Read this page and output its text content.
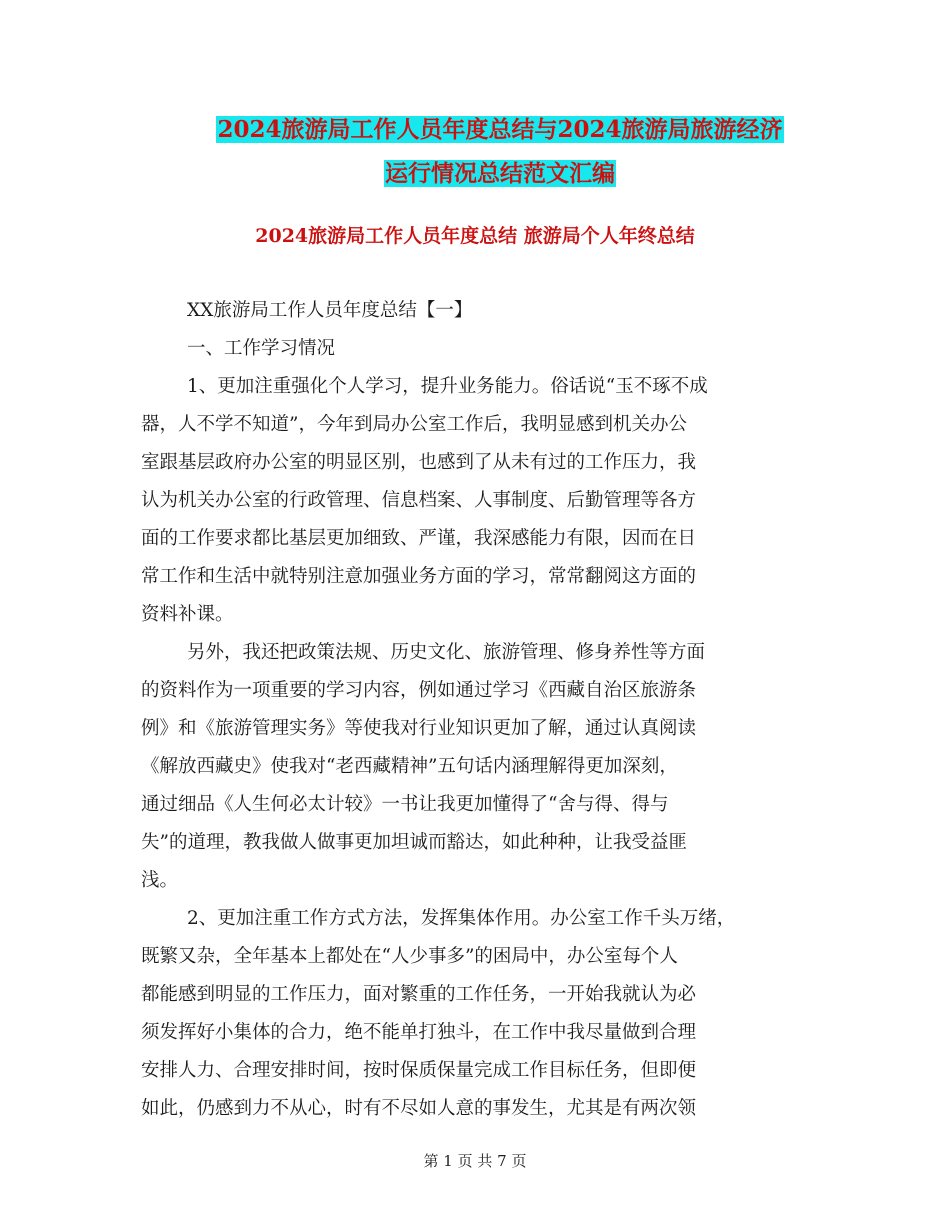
2024旅游局工作人员年度总结与2024旅游局旅游经济
运行情况总结范文汇编
2024旅游局工作人员年度总结 旅游局个人年终总结
XX旅游局工作人员年度总结【一】
一、工作学习情况
1、更加注重强化个人学习，提升业务能力。俗话说“玉不琢不成
器，人不学不知道”，今年到局办公室工作后，我明显感到机关办公
室跟基层政府办公室的明显区别，也感到了从未有过的工作压力，我
认为机关办公室的行政管理、信息档案、人事制度、后勤管理等各方
面的工作要求都比基层更加细致、严谨，我深感能力有限，因而在日
常工作和生活中就特别注意加强业务方面的学习，常常翻阅这方面的
资料补课。
另外，我还把政策法规、历史文化、旅游管理、修身养性等方面
的资料作为一项重要的学习内容，例如通过学习《西藏自治区旅游条
例》和《旅游管理实务》等使我对行业知识更加了解，通过认真阅读
《解放西藏史》使我对“老西藏精神”五句话内涵理解得更加深刻，
通过细品《人生何必太计较》一书让我更加懂得了“舍与得、得与
失”的道理，教我做人做事更加坦诚而豁达，如此种种，让我受益匪
浅。
2、更加注重工作方式方法，发挥集体作用。办公室工作千头万绪，
既繁又杂，全年基本上都处在“人少事多”的困局中，办公室每个人
都能感到明显的工作压力，面对繁重的工作任务，一开始我就认为必
须发挥好小集体的合力，绝不能单打独斗，在工作中我尽量做到合理
安排人力、合理安排时间，按时保质保量完成工作目标任务，但即便
如此，仍感到力不从心，时有不尽如人意的事发生，尤其是有两次领
第 1 页 共 7 页
